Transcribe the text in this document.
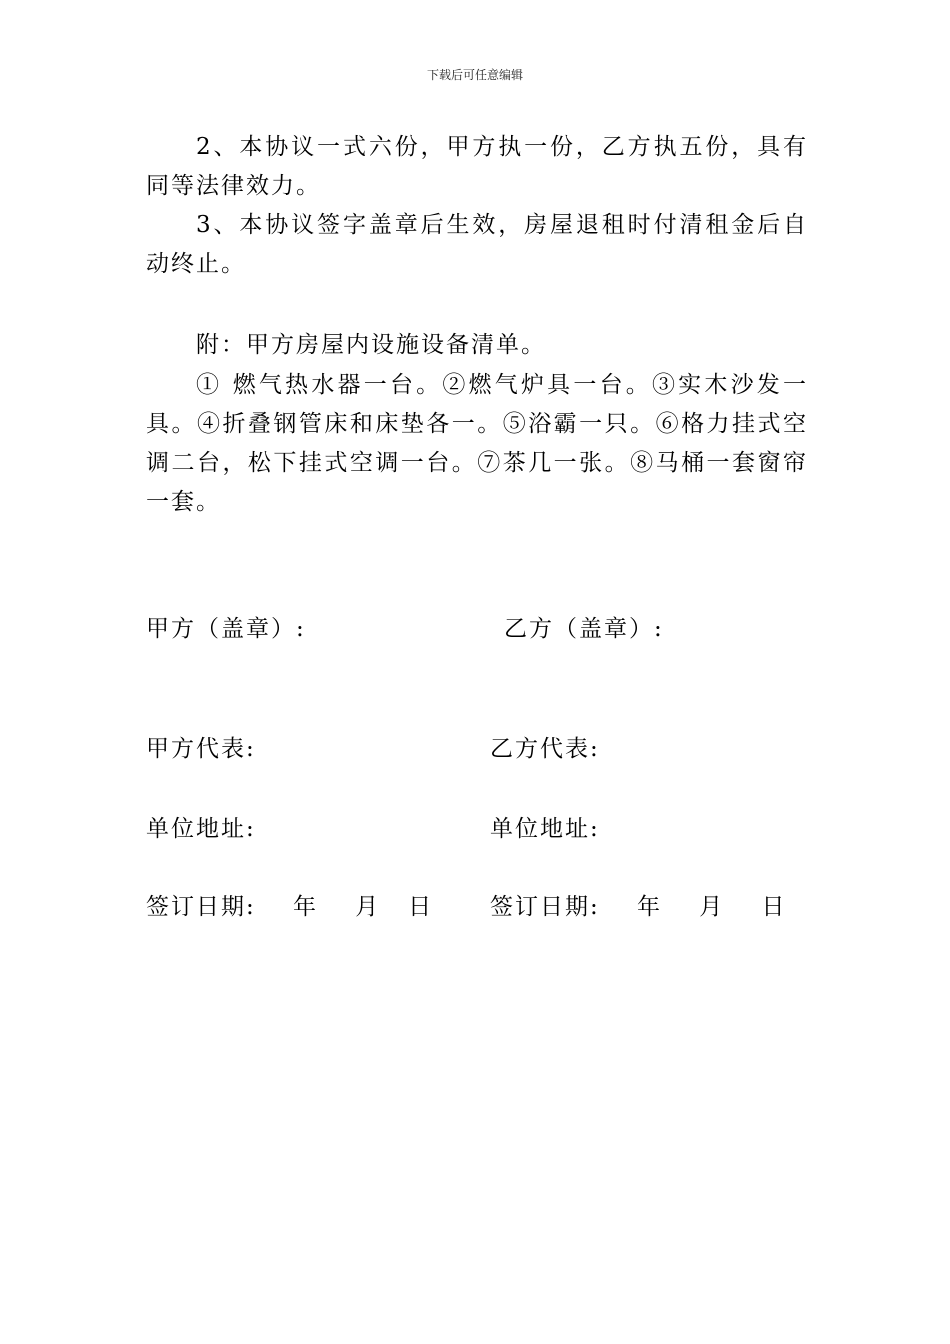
下载后可任意编辑
2、本协议一式六份，甲方执一份，乙方执五份，具有同等法律效力。
3、本协议签字盖章后生效，房屋退租时付清租金后自动终止。
附：甲方房屋内设施设备清单。
① 燃气热水器一台。②燃气炉具一台。③实木沙发一具。④折叠钢管床和床垫各一。⑤浴霸一只。⑥格力挂式空调二台，松下挂式空调一台。⑦茶几一张。⑧马桶一套窗帘一套。
甲方（盖章）:	乙方（盖章）:
甲方代表:	乙方代表:
单位地址:	单位地址:
签订日期:    年    月   日 签订日期:    年    月    日
